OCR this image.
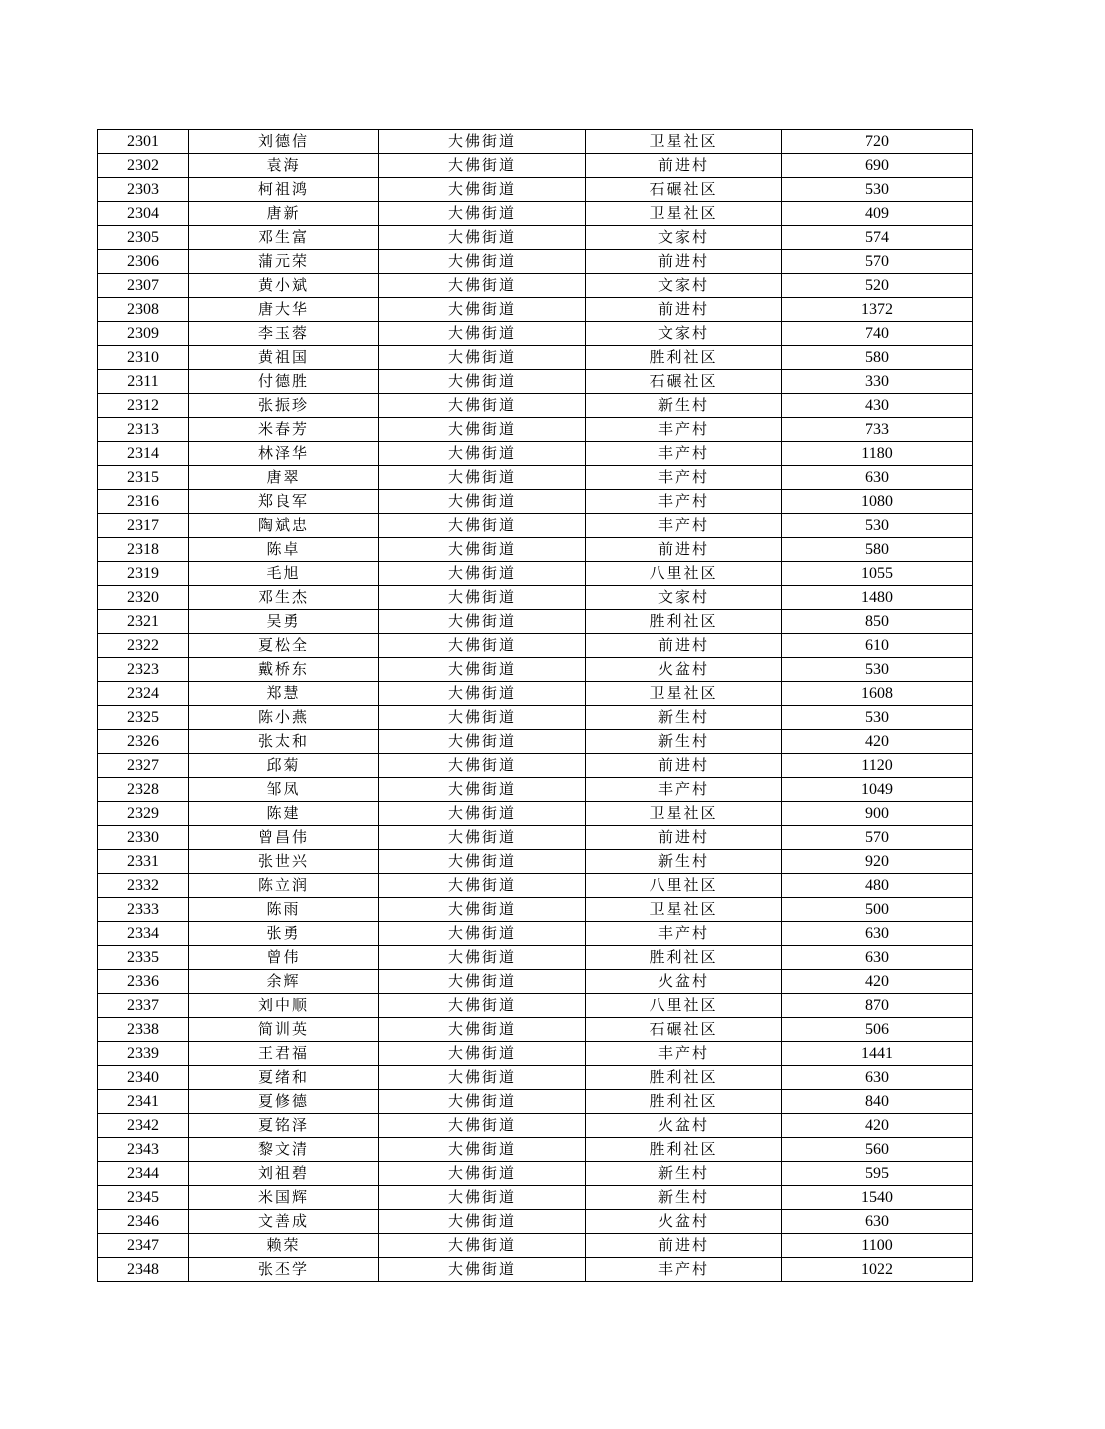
2301	刘德信	大佛街道	卫星社区	720
2302	袁海	大佛街道	前进村	690
2303	柯祖鸿	大佛街道	石碾社区	530
2304	唐新	大佛街道	卫星社区	409
2305	邓生富	大佛街道	文家村	574
2306	蒲元荣	大佛街道	前进村	570
2307	黄小斌	大佛街道	文家村	520
2308	唐大华	大佛街道	前进村	1372
2309	李玉蓉	大佛街道	文家村	740
2310	黄祖国	大佛街道	胜利社区	580
2311	付德胜	大佛街道	石碾社区	330
2312	张振珍	大佛街道	新生村	430
2313	米春芳	大佛街道	丰产村	733
2314	林泽华	大佛街道	丰产村	1180
2315	唐翠	大佛街道	丰产村	630
2316	郑良军	大佛街道	丰产村	1080
2317	陶斌忠	大佛街道	丰产村	530
2318	陈卓	大佛街道	前进村	580
2319	毛旭	大佛街道	八里社区	1055
2320	邓生杰	大佛街道	文家村	1480
2321	吴勇	大佛街道	胜利社区	850
2322	夏松全	大佛街道	前进村	610
2323	戴桥东	大佛街道	火盆村	530
2324	郑慧	大佛街道	卫星社区	1608
2325	陈小燕	大佛街道	新生村	530
2326	张太和	大佛街道	新生村	420
2327	邱菊	大佛街道	前进村	1120
2328	邹凤	大佛街道	丰产村	1049
2329	陈建	大佛街道	卫星社区	900
2330	曾昌伟	大佛街道	前进村	570
2331	张世兴	大佛街道	新生村	920
2332	陈立润	大佛街道	八里社区	480
2333	陈雨	大佛街道	卫星社区	500
2334	张勇	大佛街道	丰产村	630
2335	曾伟	大佛街道	胜利社区	630
2336	余辉	大佛街道	火盆村	420
2337	刘中顺	大佛街道	八里社区	870
2338	简训英	大佛街道	石碾社区	506
2339	王君福	大佛街道	丰产村	1441
2340	夏绪和	大佛街道	胜利社区	630
2341	夏修德	大佛街道	胜利社区	840
2342	夏铭泽	大佛街道	火盆村	420
2343	黎文清	大佛街道	胜利社区	560
2344	刘祖碧	大佛街道	新生村	595
2345	米国辉	大佛街道	新生村	1540
2346	文善成	大佛街道	火盆村	630
2347	赖荣	大佛街道	前进村	1100
2348	张丕学	大佛街道	丰产村	1022
